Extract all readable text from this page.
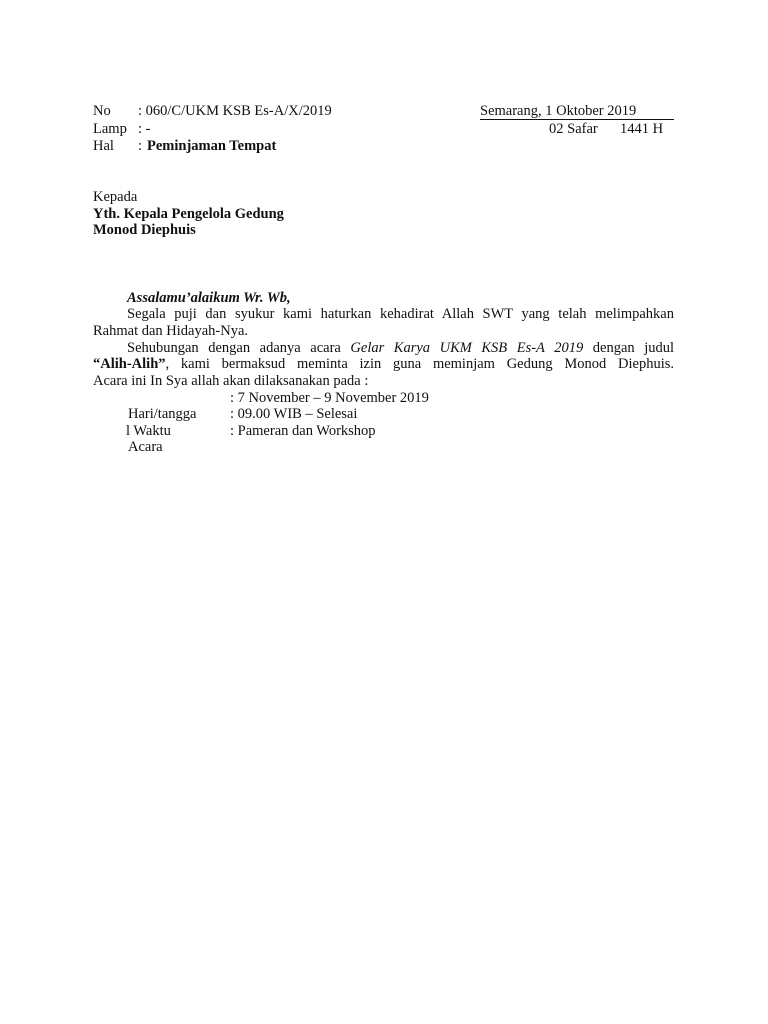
No : 060/C/UKM KSB Es-A/X/2019
Lamp : -
Hal : Peminjaman Tempat
Semarang, 1 Oktober 2019
02 Safar 1441 H
Kepada
Yth. Kepala Pengelola Gedung
Monod Diephuis
Assalamu’alaikum Wr. Wb,
Segala puji dan syukur kami haturkan kehadirat Allah SWT yang telah melimpahkan
Rahmat dan Hidayah-Nya.
Sehubungan dengan adanya acara Gelar Karya UKM KSB Es-A 2019 dengan judul
“Alih-Alih”, kami bermaksud meminta izin guna meminjam Gedung Monod Diephuis.
Acara ini In Sya allah akan dilaksanakan pada :
: 7 November – 9 November 2019
Hari/tangga : 09.00 WIB – Selesai
l Waktu	: Pameran dan Workshop
Acara
